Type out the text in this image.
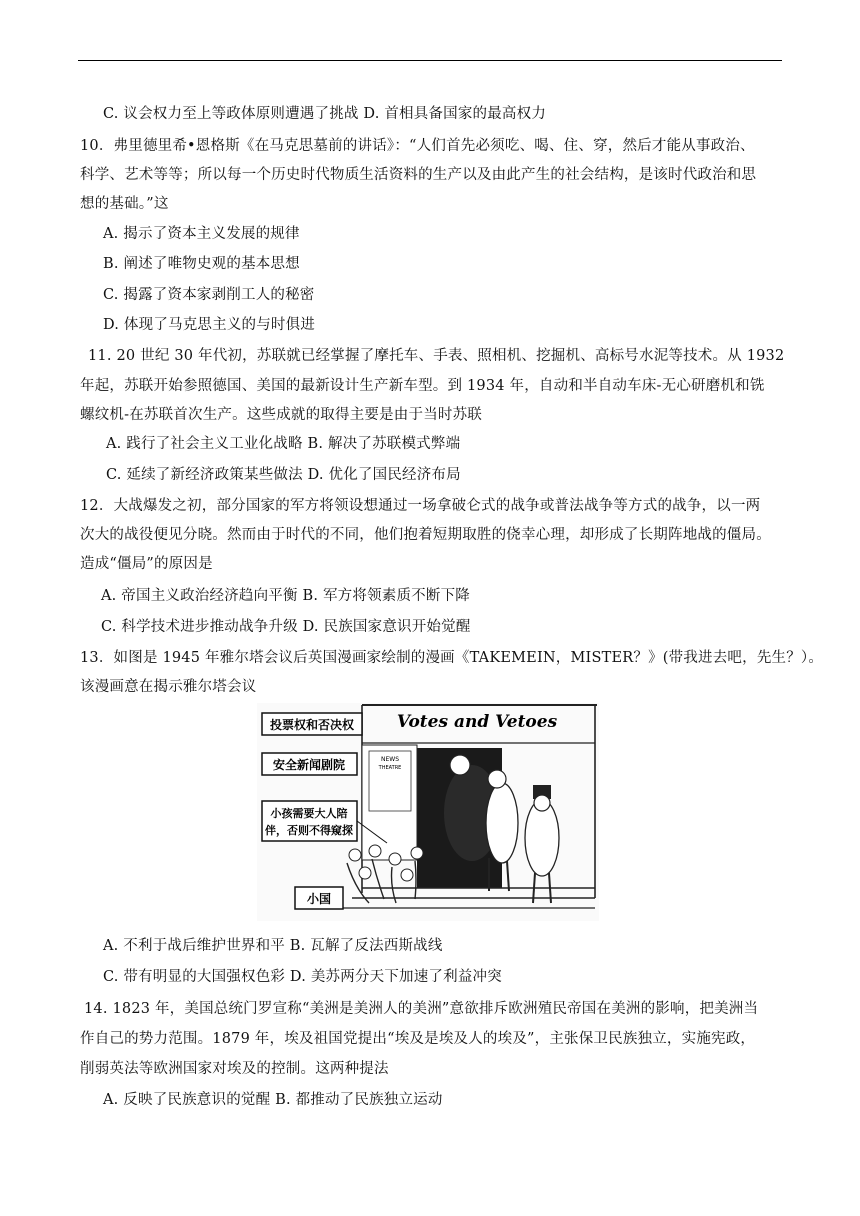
C. 议会权力至上等政体原则遭遇了挑战 D. 首相具备国家的最高权力
10．弗里德里希•恩格斯《在马克思墓前的讲话》：“人们首先必须吃、喝、住、穿，然后才能从事政治、
科学、艺术等等；所以每一个历史时代物质生活资料的生产以及由此产生的社会结构，是该时代政治和思
想的基础。”这
A. 揭示了资本主义发展的规律
B. 阐述了唯物史观的基本思想
C. 揭露了资本家剥削工人的秘密
D. 体现了马克思主义的与时俱进
11. 20 世纪 30 年代初，苏联就已经掌握了摩托车、手表、照相机、挖掘机、高标号水泥等技术。从 1932
年起，苏联开始参照德国、美国的最新设计生产新车型。到 1934 年，自动和半自动车床-无心研磨机和铣
螺纹机-在苏联首次生产。这些成就的取得主要是由于当时苏联
A. 践行了社会主义工业化战略 B. 解决了苏联模式弊端
C. 延续了新经济政策某些做法 D. 优化了国民经济布局
12．大战爆发之初，部分国家的军方将领设想通过一场拿破仑式的战争或普法战争等方式的战争，以一两
次大的战役便见分晓。然而由于时代的不同，他们抱着短期取胜的侥幸心理，却形成了长期阵地战的僵局。
造成“僵局”的原因是
A. 帝国主义政治经济趋向平衡 B. 军方将领素质不断下降
C. 科学技术进步推动战争升级 D. 民族国家意识开始觉醒
13．如图是 1945 年雅尔塔会议后英国漫画家绘制的漫画《TAKEMEIN，MISTER？》(带我进去吧，先生？）。
该漫画意在揭示雅尔塔会议
NEWS
THEATRE
Votes and Vetoes
投票权和否决权
安全新闻剧院
小孩需要大人陪
伴，否则不得窥探
小国
A. 不利于战后维护世界和平 B. 瓦解了反法西斯战线
C. 带有明显的大国强权色彩 D. 美苏两分天下加速了利益冲突
14. 1823 年，美国总统门罗宣称“美洲是美洲人的美洲”意欲排斥欧洲殖民帝国在美洲的影响，把美洲当
作自己的势力范围。1879 年，埃及祖国党提出“埃及是埃及人的埃及”，主张保卫民族独立，实施宪政，
削弱英法等欧洲国家对埃及的控制。这两种提法
A. 反映了民族意识的觉醒 B. 都推动了民族独立运动
